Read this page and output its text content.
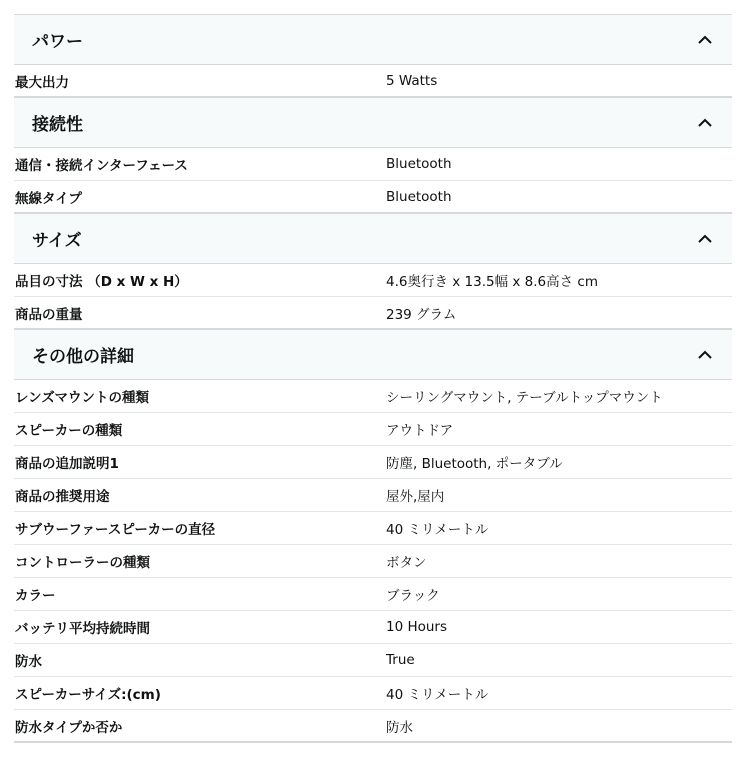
パワー
最大出力	5 Watts
接続性
通信・接続インターフェース	Bluetooth
無線タイプ	Bluetooth
サイズ
品目の寸法 （D x W x H）	4.6奥行き x 13.5幅 x 8.6高さ cm
商品の重量	239 グラム
その他の詳細
レンズマウントの種類	シーリングマウント, テーブルトップマウント
スピーカーの種類	アウトドア
商品の追加説明1	防塵, Bluetooth, ポータブル
商品の推奨用途	屋外,屋内
サブウーファースピーカーの直径	40 ミリメートル
コントローラーの種類	ボタン
カラー	ブラック
バッテリ平均持続時間	10 Hours
防水	True
スピーカーサイズ:(cm)	40 ミリメートル
防水タイプか否か	防水
